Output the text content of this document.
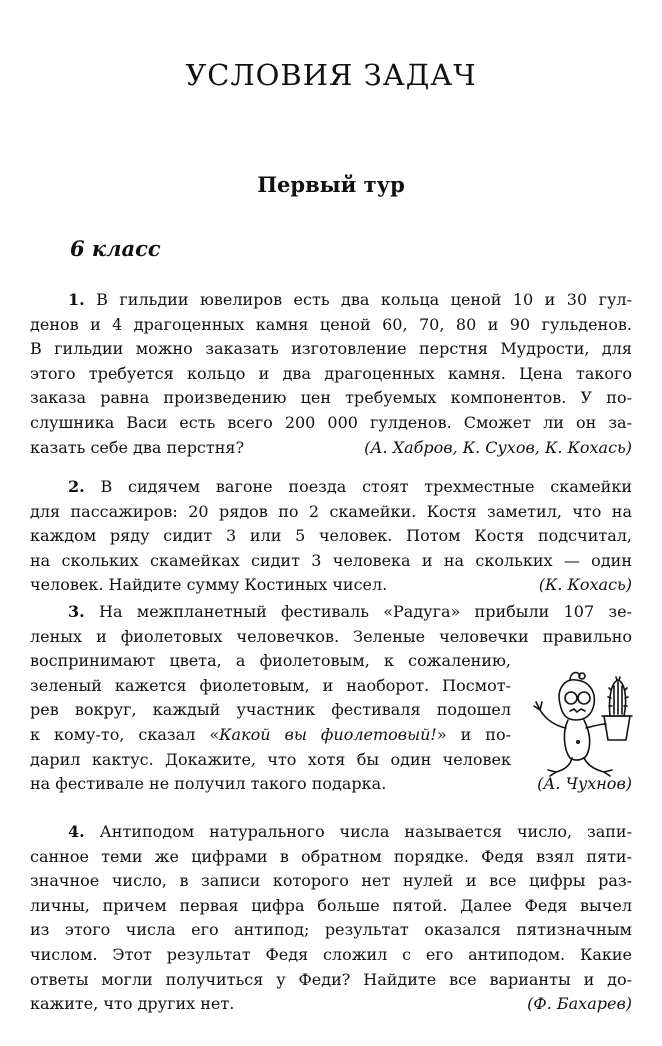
УСЛОВИЯ ЗАДАЧ
Первый тур
6 класс
1. В гильдии ювелиров есть два кольца ценой 10 и 30 гул-
денов и 4 драгоценных камня ценой 60, 70, 80 и 90 гульденов.
В гильдии можно заказать изготовление перстня Мудрости, для
этого требуется кольцо и два драгоценных камня. Цена такого
заказа равна произведению цен требуемых компонентов. У по-
слушника Васи есть всего 200 000 гулденов. Сможет ли он за-
казать себе два перстня?	(А. Хабров, К. Сухов, К. Кохась)
2. В сидячем вагоне поезда стоят трехместные скамейки
для пассажиров: 20 рядов по 2 скамейки. Костя заметил, что на
каждом ряду сидит 3 или 5 человек. Потом Костя подсчитал,
на скольких скамейках сидит 3 человека и на скольких — один
человек. Найдите сумму Костиных чисел.	(К. Кохась)
3. На межпланетный фестиваль «Радуга» прибыли 107 зе-
леных и фиолетовых человечков. Зеленые человечки правильно
воспринимают цвета, а фиолетовым, к сожалению,
зеленый кажется фиолетовым, и наоборот. Посмот-
рев вокруг, каждый участник фестиваля подошел
к кому-то, сказал «Какой вы фиолетовый!» и по-
дарил кактус. Докажите, что хотя бы один человек
на фестивале не получил такого подарка.	(А. Чухнов)
4. Антиподом натурального числа называется число, запи-
санное теми же цифрами в обратном порядке. Федя взял пяти-
значное число, в записи которого нет нулей и все цифры раз-
личны, причем первая цифра больше пятой. Далее Федя вычел
из этого числа его антипод; результат оказался пятизначным
числом. Этот результат Федя сложил с его антиподом. Какие
ответы могли получиться у Феди? Найдите все варианты и до-
кажите, что других нет.	(Ф. Бахарев)
